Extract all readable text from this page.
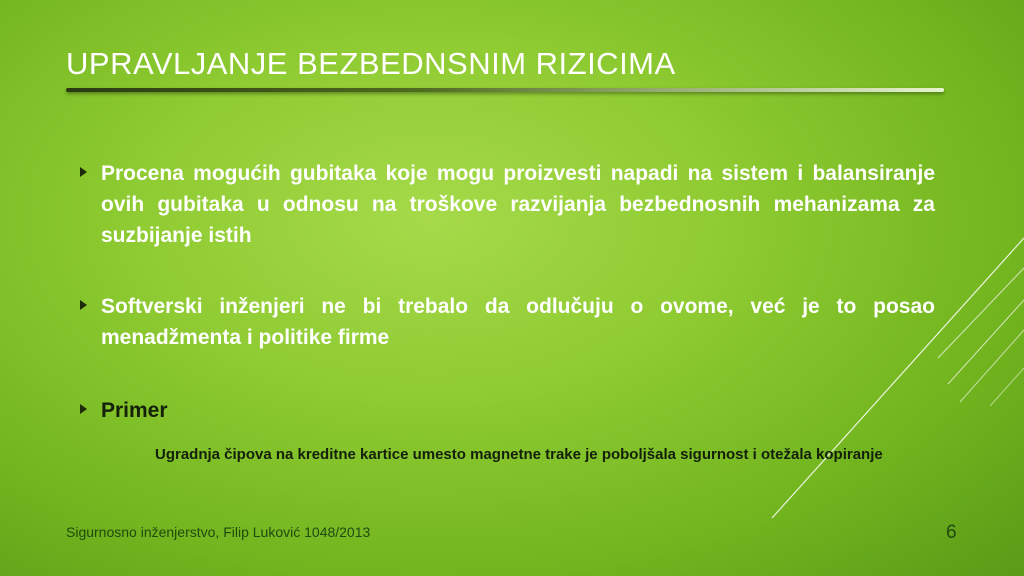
UPRAVLJANJE BEZBEDNSNIM RIZICIMA
Procena mogućih gubitaka koje mogu proizvesti napadi na sistem i balansiranje ovih gubitaka u odnosu na troškove razvijanja bezbednosnih mehanizama za suzbijanje istih
Softverski inženjeri ne bi trebalo da odlučuju o ovome, već je to posao menadžmenta i politike firme
Primer
Ugradnja čipova na kreditne kartice umesto magnetne trake je poboljšala sigurnost i otežala kopiranje
Sigurnosno inženjerstvo, Filip Luković 1048/2013	6
